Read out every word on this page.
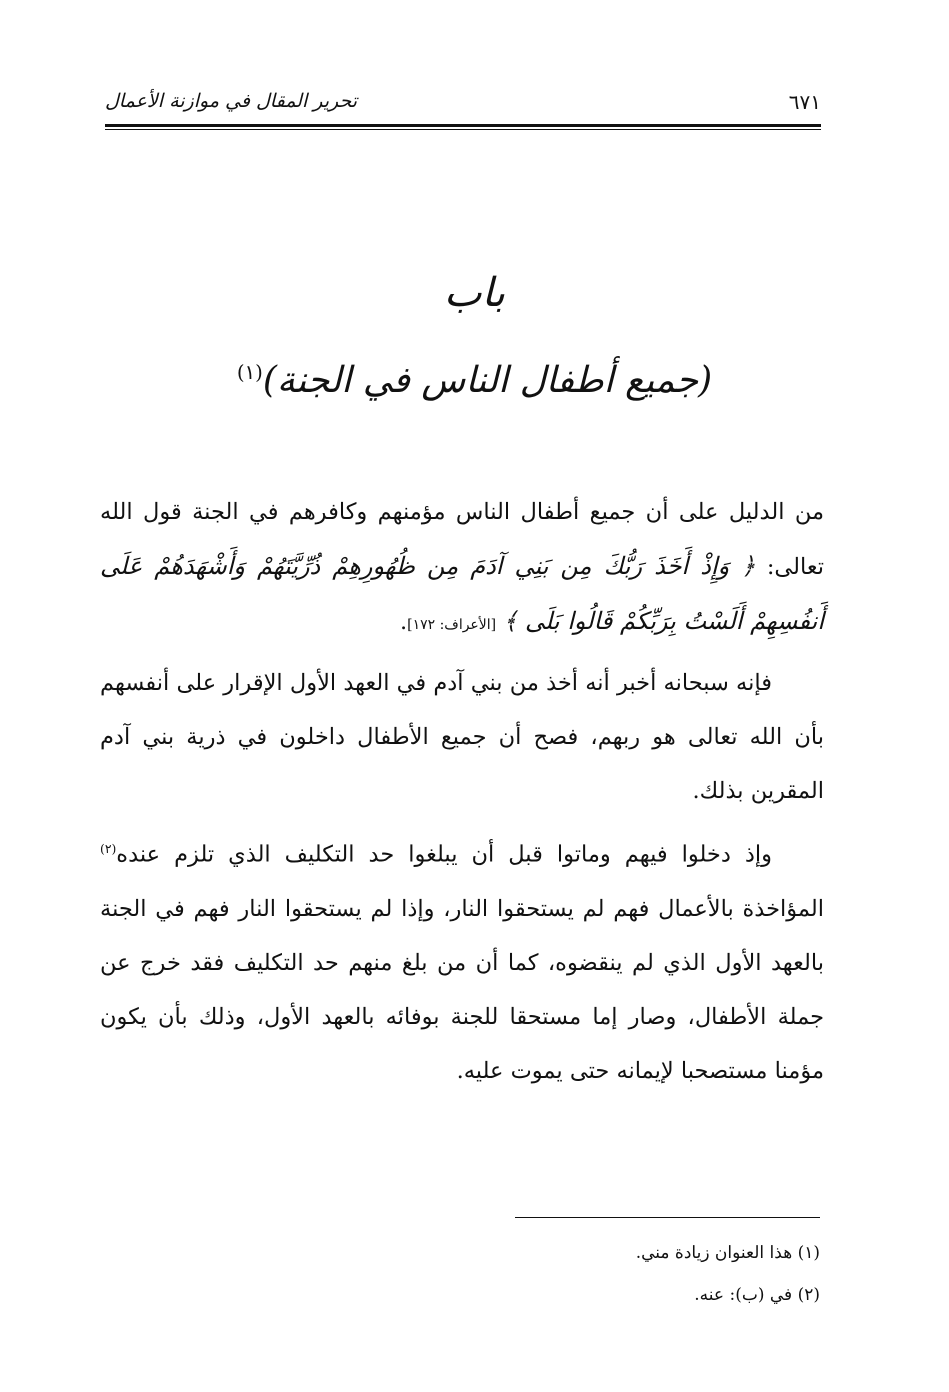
تحرير المقال في موازنة الأعمال	٦٧١
باب
(جميع أطفال الناس في الجنة)$^{(١)}$

من الدليل على أن جميع أطفال الناس مؤمنهم وكافرهم في الجنة قول الله تعالى: ﴿ وَإِذْ أَخَذَ رَبُّكَ مِن بَنِي آدَمَ مِن ظُهُورِهِمْ ذُرِّيَّتَهُمْ وَأَشْهَدَهُمْ عَلَى أَنفُسِهِمْ أَلَسْتُ بِرَبِّكُمْ قَالُوا بَلَى ﴾ [الأعراف: ١٧٢].

فإنه سبحانه أخبر أنه أخذ من بني آدم في العهد الأول الإقرار على أنفسهم بأن الله تعالى هو ربهم، فصح أن جميع الأطفال داخلون في ذرية بني آدم المقرين بذلك.

وإذ دخلوا فيهم وماتوا قبل أن يبلغوا حد التكليف الذي تلزم عنده$^{(٢)}$ المؤاخذة بالأعمال فهم لم يستحقوا النار، وإذا لم يستحقوا النار فهم في الجنة بالعهد الأول الذي لم ينقضوه، كما أن من بلغ منهم حد التكليف فقد خرج عن جملة الأطفال، وصار إما مستحقا للجنة بوفائه بالعهد الأول، وذلك بأن يكون مؤمنا مستصحبا لإيمانه حتى يموت عليه.

(١) هذا العنوان زيادة مني.
(٢) في (ب): عنه.
